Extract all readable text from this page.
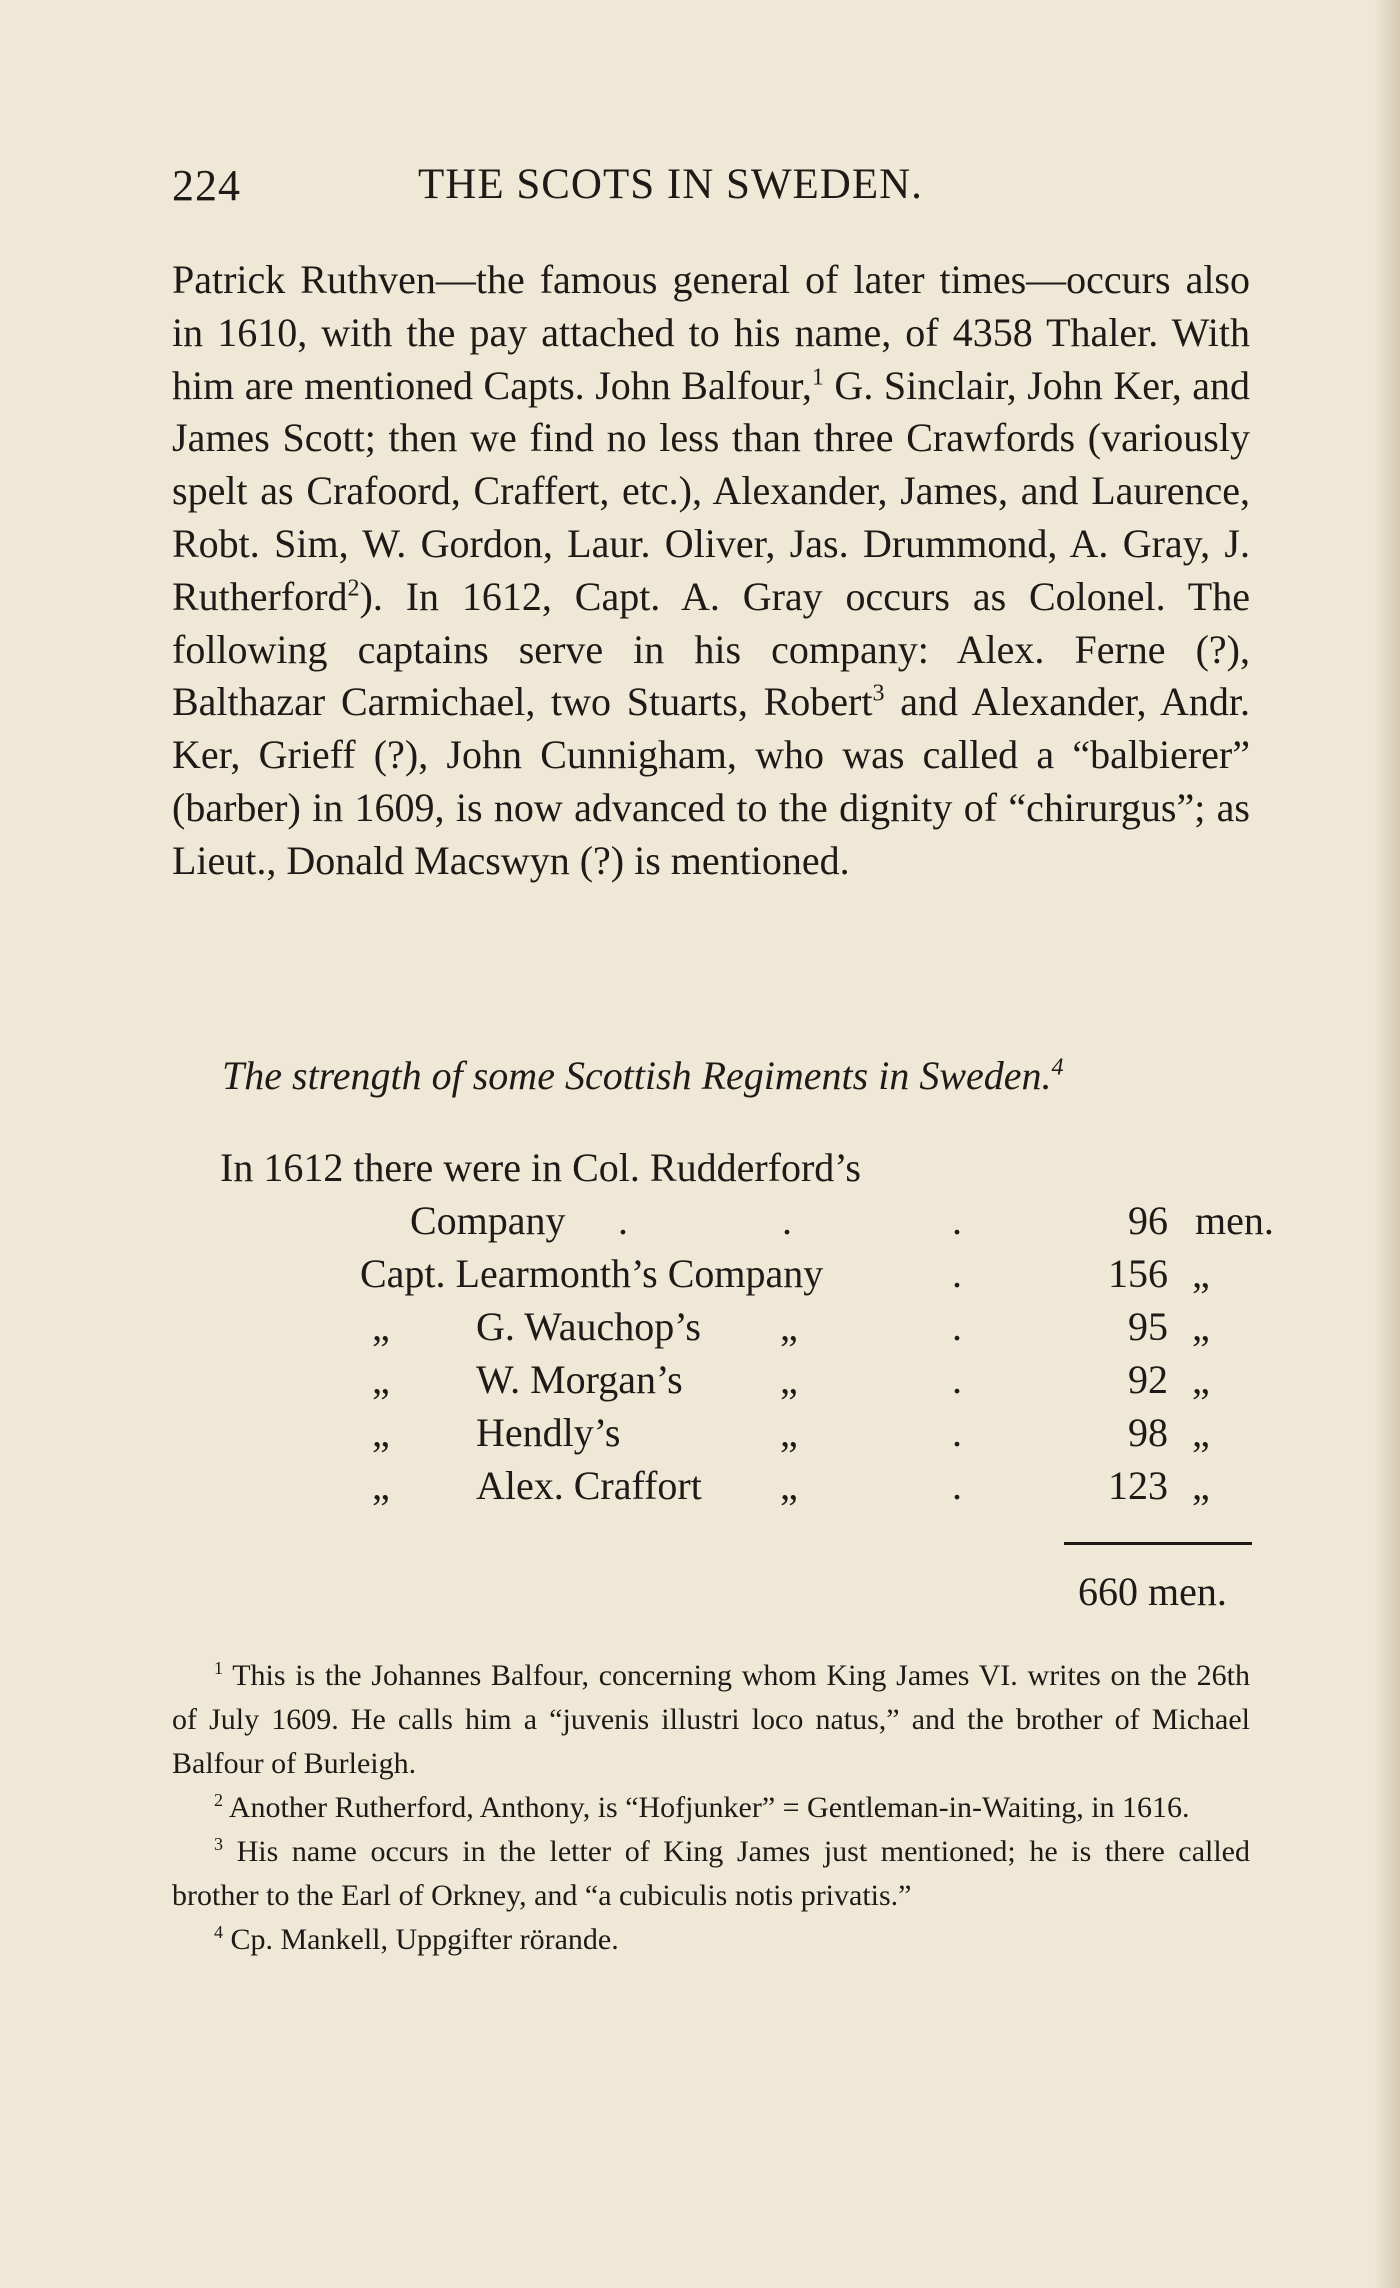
224	THE SCOTS IN SWEDEN.

Patrick Ruthven—the famous general of later times—occurs also in 1610, with the pay attached to his name, of 4358 Thaler. With him are mentioned Capts. John Balfour,$^1$ G. Sinclair, John Ker, and James Scott; then we find no less than three Crawfords (variously spelt as Crafoord, Craffert, etc.), Alexander, James, and Laurence, Robt. Sim, W. Gordon, Laur. Oliver, Jas. Drummond, A. Gray, J. Rutherford$^2$). In 1612, Capt. A. Gray occurs as Colonel. The following captains serve in his company: Alex. Ferne (?), Balthazar Carmichael, two Stuarts, Robert$^3$ and Alexander, Andr. Ker, Grieff (?), John Cunnigham, who was called a “balbierer” (barber) in 1609, is now advanced to the dignity of “chirurgus”; as Lieut., Donald Macswyn (?) is mentioned.

The strength of some Scottish Regiments in Sweden.$^4$
In 1612 there were in Col. Rudderford’s
Company .	.	.	96 men.
Capt. Learmonth’s Company	.	156 „
„ G. Wauchop’s „	.	95 „
„ W. Morgan’s „	.	92 „
„ Hendly’s	„	.	98 „
„ Alex. Craffort „	.	123 „
660 men.

$^1$ This is the Johannes Balfour, concerning whom King James VI. writes on the 26th of July 1609. He calls him a “juvenis illustri loco natus,” and the brother of Michael Balfour of Burleigh.

$^2$ Another Rutherford, Anthony, is “Hofjunker” = Gentleman-in-Waiting, in 1616.

$^3$ His name occurs in the letter of King James just mentioned; he is there called brother to the Earl of Orkney, and “a cubiculis notis privatis.”

$^4$ Cp. Mankell, Uppgifter rörande.
